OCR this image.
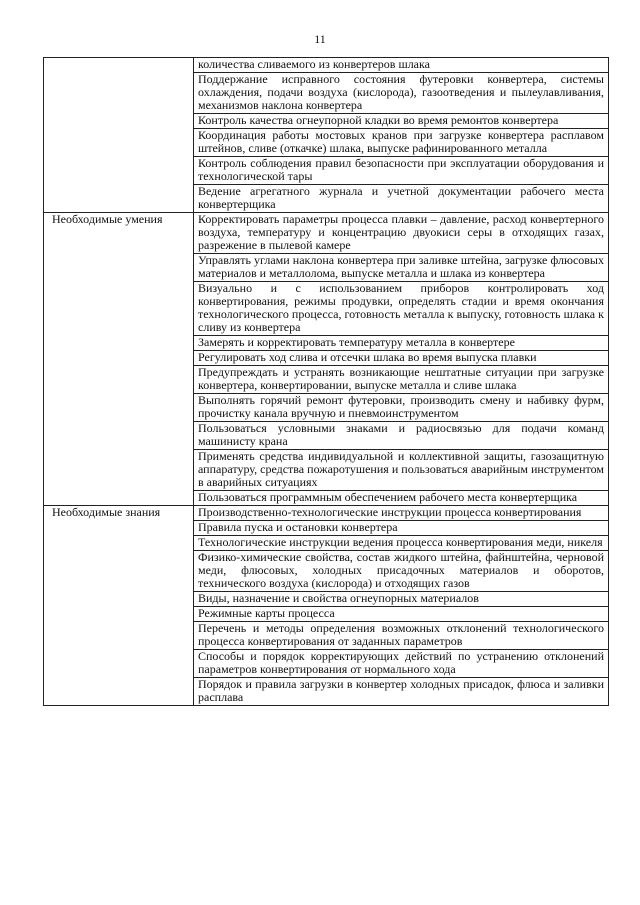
11
	количества сливаемого из конвертеров шлака
	Поддержание исправного состояния футеровки конвертера, системы охлаждения, подачи воздуха (кислорода), газоотведения и пылеулавливания, механизмов наклона конвертера
	Контроль качества огнеупорной кладки во время ремонтов конвертера
	Координация работы мостовых кранов при загрузке конвертера расплавом штейнов, сливе (откачке) шлака, выпуске рафинированного металла
	Контроль соблюдения правил безопасности при эксплуатации оборудования и технологической тары
	Ведение агрегатного журнала и учетной документации рабочего места конвертерщика
Необходимые умения	Корректировать параметры процесса плавки – давление, расход конвертерного воздуха, температуру и концентрацию двуокиси серы в отходящих газах, разрежение в пылевой камере
	Управлять углами наклона конвертера при заливке штейна, загрузке флюсовых материалов и металлолома, выпуске металла и шлака из конвертера
	Визуально и с использованием приборов контролировать ход конвертирования, режимы продувки, определять стадии и время окончания технологического процесса, готовность металла к выпуску, готовность шлака к сливу из конвертера
	Замерять и корректировать температуру металла в конвертере
	Регулировать ход слива и отсечки шлака во время выпуска плавки
	Предупреждать и устранять возникающие нештатные ситуации при загрузке конвертера, конвертировании, выпуске металла и сливе шлака
	Выполнять горячий ремонт футеровки, производить смену и набивку фурм, прочистку канала вручную и пневмоинструментом
	Пользоваться условными знаками и радиосвязью для подачи команд машинисту крана
	Применять средства индивидуальной и коллективной защиты, газозащитную аппаратуру, средства пожаротушения и пользоваться аварийным инструментом в аварийных ситуациях
	Пользоваться программным обеспечением рабочего места конвертерщика
Необходимые знания	Производственно-технологические инструкции процесса конвертирования
	Правила пуска и остановки конвертера
	Технологические инструкции ведения процесса конвертирования меди, никеля
	Физико-химические свойства, состав жидкого штейна, файнштейна, черновой меди, флюсовых, холодных присадочных материалов и оборотов, технического воздуха (кислорода) и отходящих газов
	Виды, назначение и свойства огнеупорных материалов
	Режимные карты процесса
	Перечень и методы определения возможных отклонений технологического процесса конвертирования от заданных параметров
	Способы и порядок корректирующих действий по устранению отклонений параметров конвертирования от нормального хода
	Порядок и правила загрузки в конвертер холодных присадок, флюса и заливки расплава
